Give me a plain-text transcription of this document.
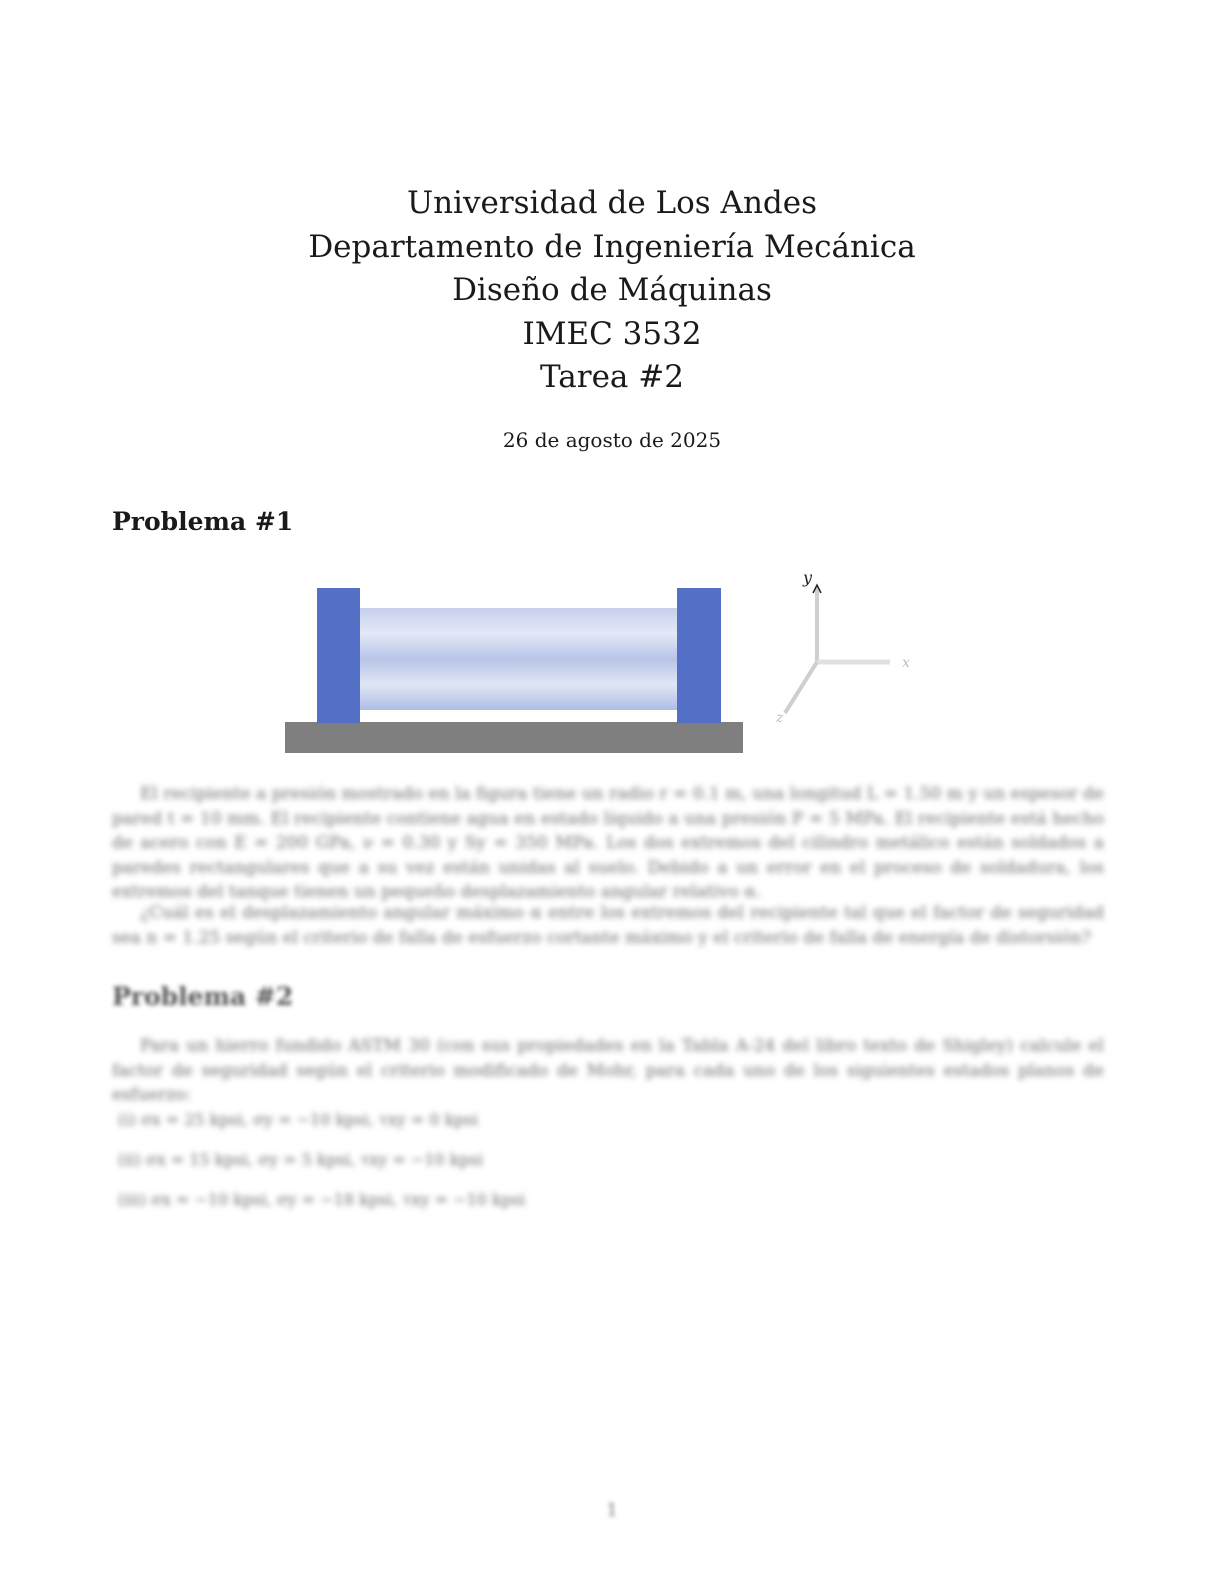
Universidad de Los Andes
Departamento de Ingeniería Mecánica
Diseño de Máquinas
IMEC 3532
Tarea #2
26 de agosto de 2025
Problema #1
y
x
z

El recipiente a presión mostrado en la figura tiene un radio r = 0.1 m, una longitud L = 1.50 m y un espesor de pared t = 10 mm. El recipiente contiene agua en estado líquido a una presión P = 5 MPa. El recipiente está hecho de acero con E = 200 GPa, ν = 0.30 y Sy = 350 MPa. Los dos extremos del cilindro metálico están soldados a paredes rectangulares que a su vez están unidas al suelo. Debido a un error en el proceso de soldadura, los extremos del tanque tienen un pequeño desplazamiento angular relativo α.

¿Cuál es el desplazamiento angular máximo α entre los extremos del recipiente tal que el factor de seguridad sea n = 1.25 según el criterio de falla de esfuerzo cortante máximo y el criterio de falla de energía de distorsión?

Problema #2

Para un hierro fundido ASTM 30 (con sus propiedades en la Tabla A-24 del libro texto de Shigley) calcule el factor de seguridad según el criterio modificado de Mohr, para cada uno de los siguientes estados planos de esfuerzo:

(i) σx = 25 kpsi, σy = −10 kpsi, τxy = 0 kpsi
(ii) σx = 15 kpsi, σy = 5 kpsi, τxy = −10 kpsi
(iii) σx = −10 kpsi, σy = −18 kpsi, τxy = −10 kpsi
1
